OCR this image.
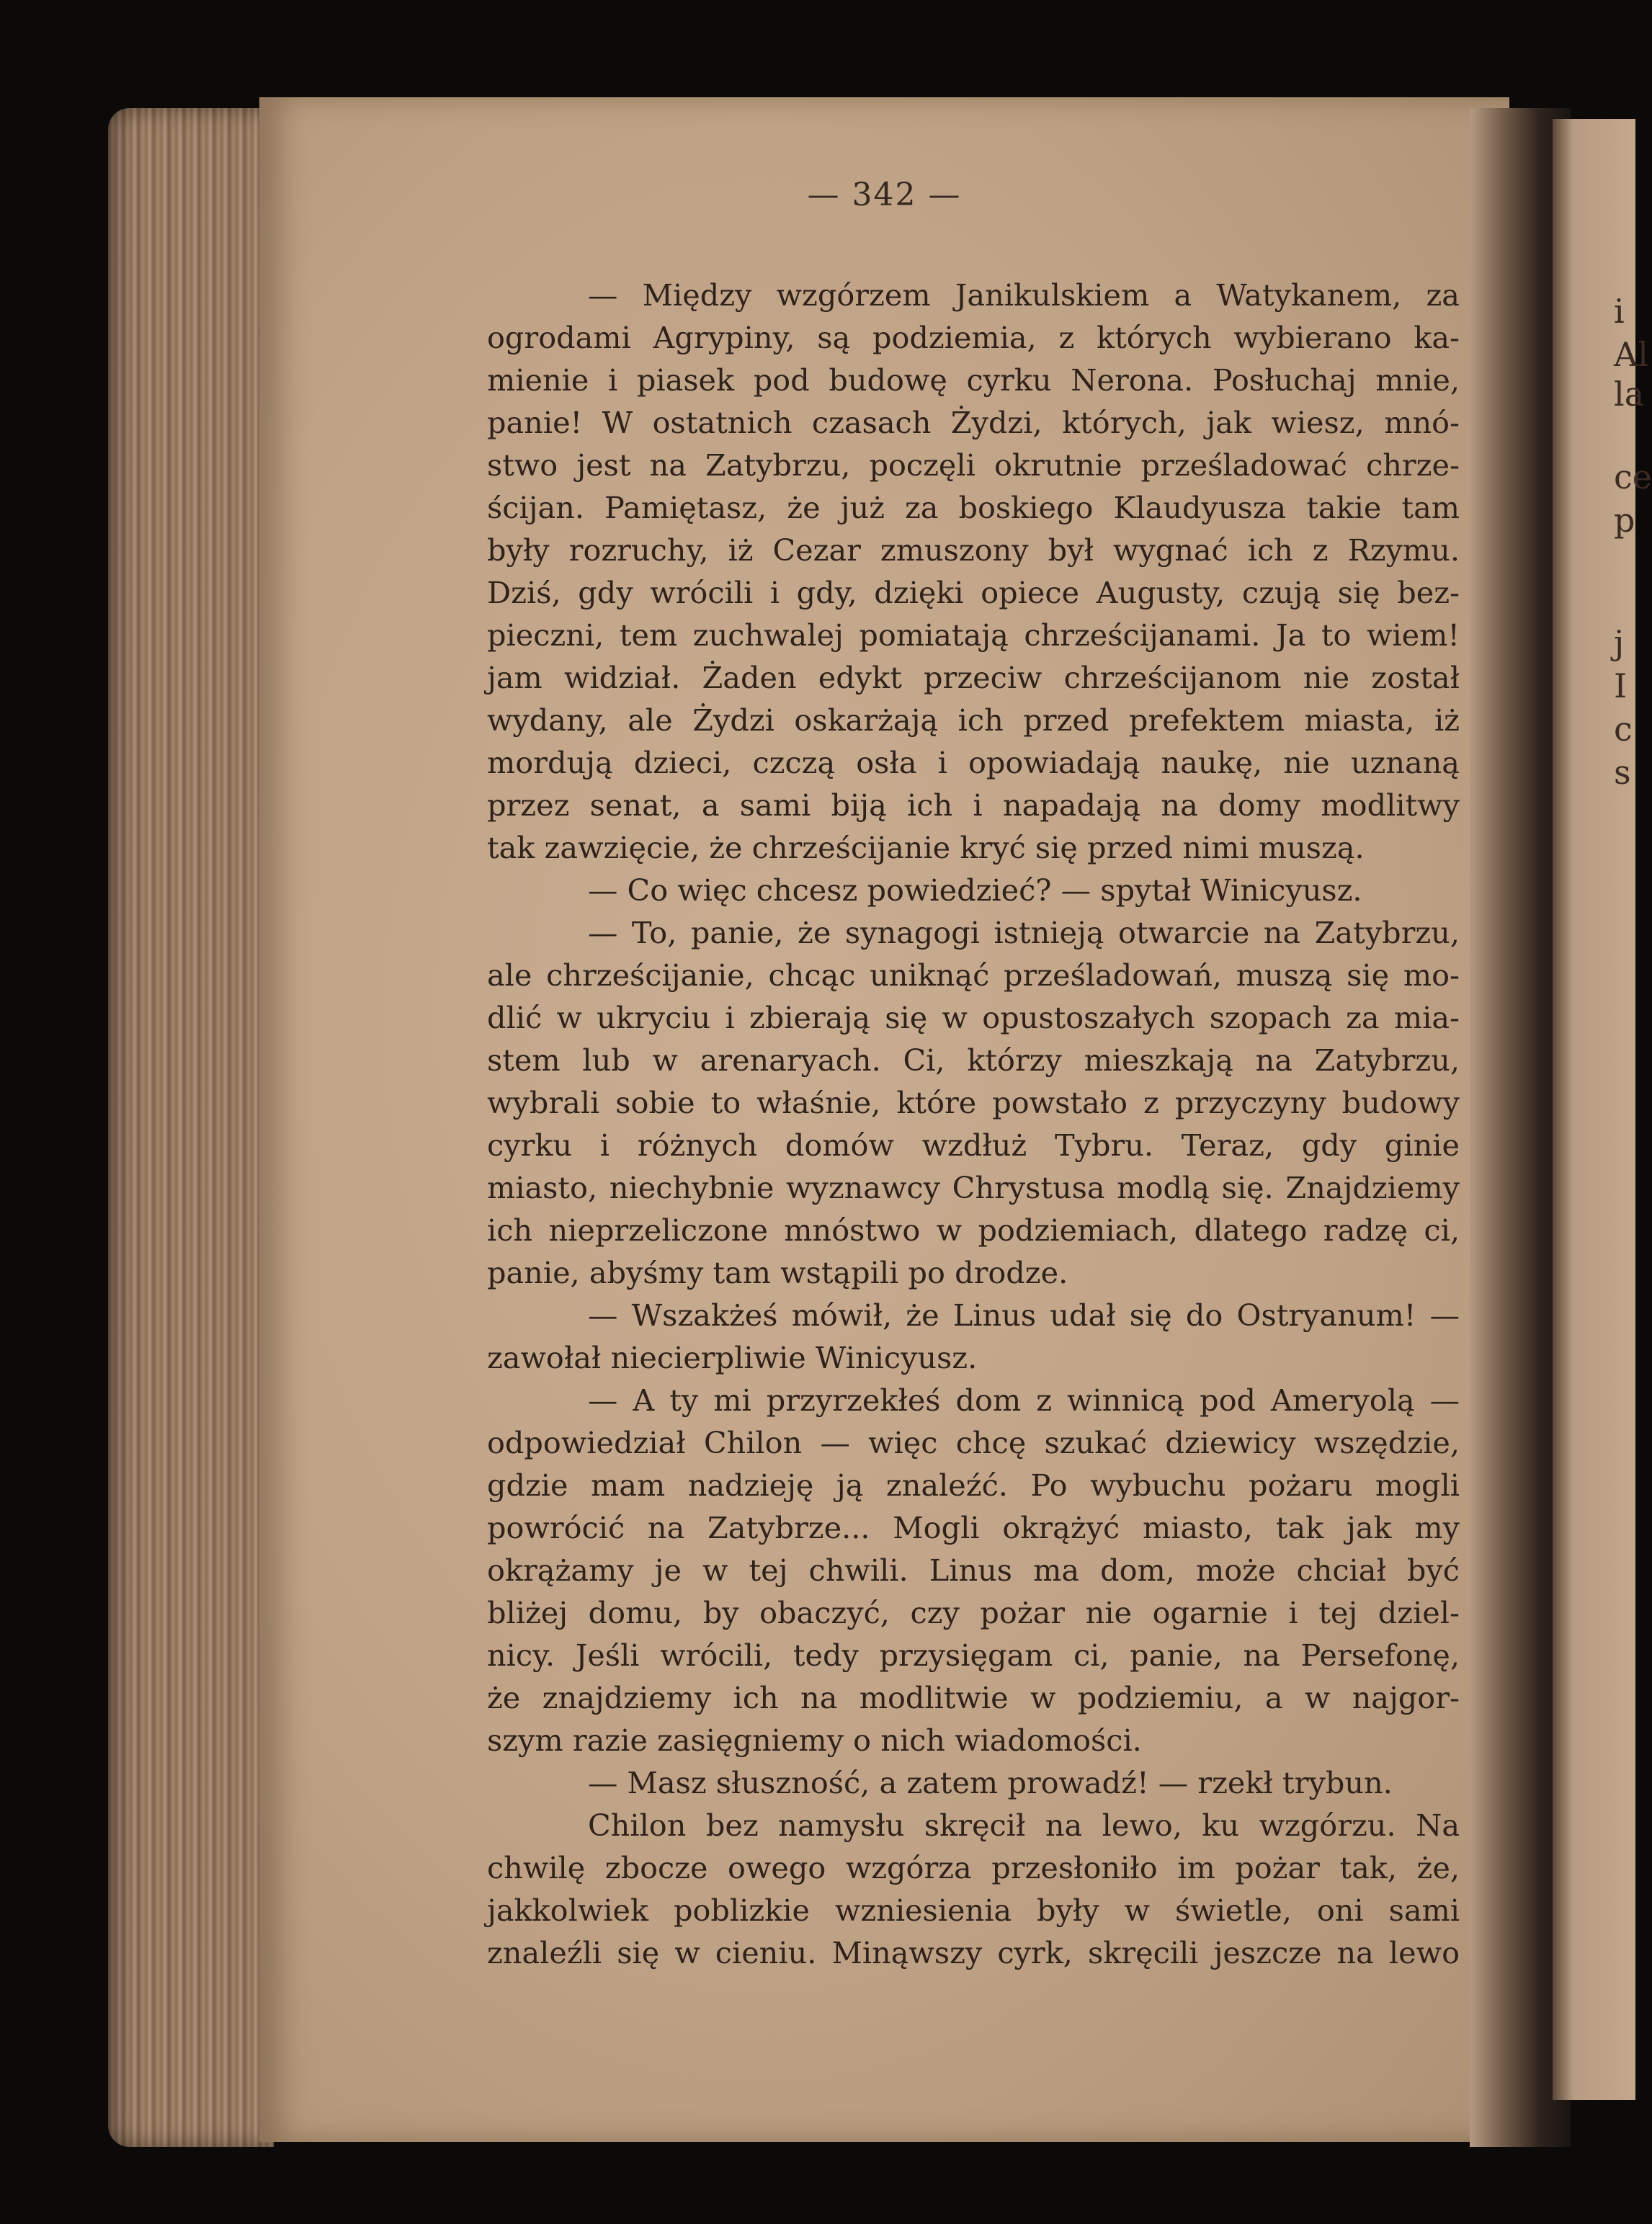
i
Al
la
ce
p
j
I
c
s
— 342 —
— Między wzgórzem Janikulskiem a Watykanem, za
ogrodami Agrypiny, są podziemia, z których wybierano ka-
mienie i piasek pod budowę cyrku Nerona. Posłuchaj mnie,
panie! W ostatnich czasach Żydzi, których, jak wiesz, mnó-
stwo jest na Zatybrzu, poczęli okrutnie prześladować chrze-
ścijan. Pamiętasz, że już za boskiego Klaudyusza takie tam
były rozruchy, iż Cezar zmuszony był wygnać ich z Rzymu.
Dziś, gdy wrócili i gdy, dzięki opiece Augusty, czują się bez-
pieczni, tem zuchwalej pomiatają chrześcijanami. Ja to wiem!
jam widział. Żaden edykt przeciw chrześcijanom nie został
wydany, ale Żydzi oskarżają ich przed prefektem miasta, iż
mordują dzieci, czczą osła i opowiadają naukę, nie uznaną
przez senat, a sami biją ich i napadają na domy modlitwy
tak zawzięcie, że chrześcijanie kryć się przed nimi muszą.
— Co więc chcesz powiedzieć? — spytał Winicyusz.
— To, panie, że synagogi istnieją otwarcie na Zatybrzu,
ale chrześcijanie, chcąc uniknąć prześladowań, muszą się mo-
dlić w ukryciu i zbierają się w opustoszałych szopach za mia-
stem lub w arenaryach. Ci, którzy mieszkają na Zatybrzu,
wybrali sobie to właśnie, które powstało z przyczyny budowy
cyrku i różnych domów wzdłuż Tybru. Teraz, gdy ginie
miasto, niechybnie wyznawcy Chrystusa modlą się. Znajdziemy
ich nieprzeliczone mnóstwo w podziemiach, dlatego radzę ci,
panie, abyśmy tam wstąpili po drodze.
— Wszakżeś mówił, że Linus udał się do Ostryanum! —
zawołał niecierpliwie Winicyusz.
— A ty mi przyrzekłeś dom z winnicą pod Ameryolą —
odpowiedział Chilon — więc chcę szukać dziewicy wszędzie,
gdzie mam nadzieję ją znaleźć. Po wybuchu pożaru mogli
powrócić na Zatybrze... Mogli okrążyć miasto, tak jak my
okrążamy je w tej chwili. Linus ma dom, może chciał być
bliżej domu, by obaczyć, czy pożar nie ogarnie i tej dziel-
nicy. Jeśli wrócili, tedy przysięgam ci, panie, na Persefonę,
że znajdziemy ich na modlitwie w podziemiu, a w najgor-
szym razie zasięgniemy o nich wiadomości.
— Masz słuszność, a zatem prowadź! — rzekł trybun.
Chilon bez namysłu skręcił na lewo, ku wzgórzu. Na
chwilę zbocze owego wzgórza przesłoniło im pożar tak, że,
jakkolwiek poblizkie wzniesienia były w świetle, oni sami
znaleźli się w cieniu. Minąwszy cyrk, skręcili jeszcze na lewo
